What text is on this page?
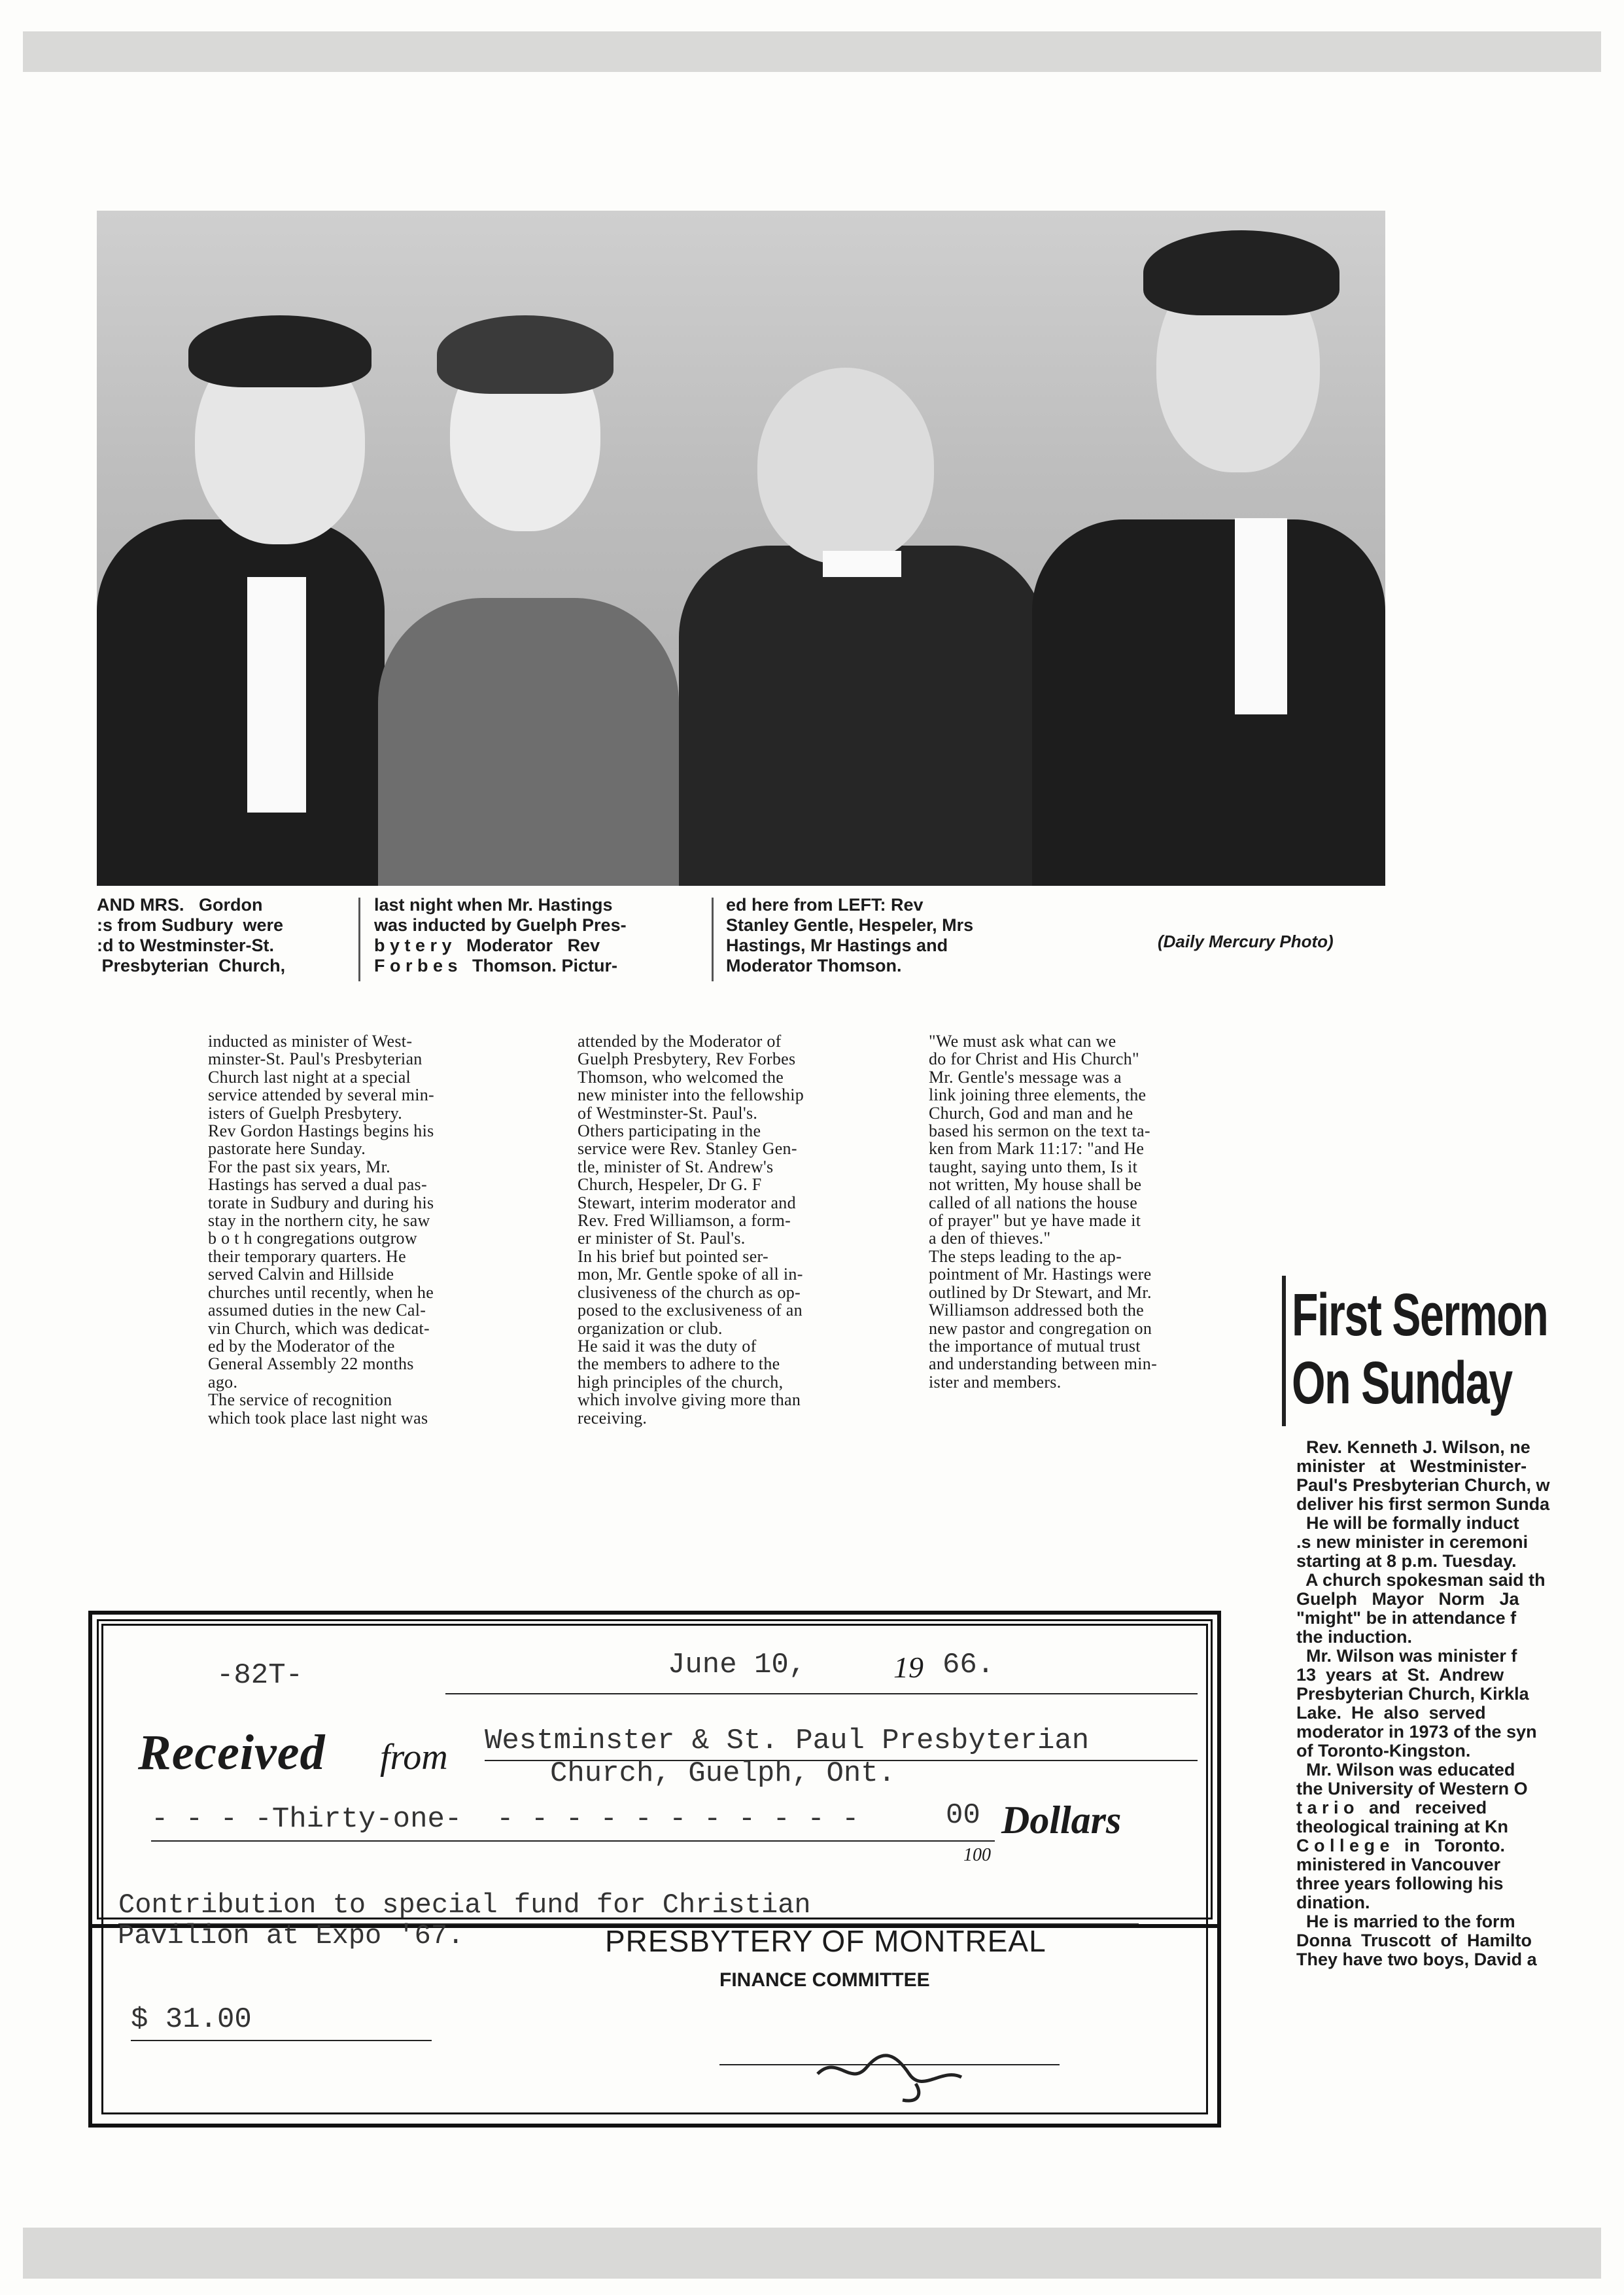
AND MRS.   Gordon
:s from Sudbury  were
:d to Westminster-St.
Presbyterian  Church,
last night when Mr. Hastings
was inducted by Guelph Pres-
b y t e r y   Moderator   Rev
F o r b e s   Thomson. Pictur-
ed here from LEFT: Rev
Stanley Gentle, Hespeler, Mrs
Hastings, Mr Hastings and
Moderator Thomson.
(Daily Mercury Photo)
inducted as minister of West-
minster-St. Paul's Presbyterian
Church last night at a special
service attended by several min-
isters of Guelph Presbytery.
Rev Gordon Hastings begins his
pastorate here Sunday.
For the past six years, Mr.
Hastings has served a dual pas-
torate in Sudbury and during his
stay in the northern city, he saw
b o t h congregations outgrow
their temporary quarters. He
served Calvin and Hillside
churches until recently, when he
assumed duties in the new Cal-
vin Church, which was dedicat-
ed by the Moderator of the
General Assembly 22 months
ago.
The service of recognition
which took place last night was
attended by the Moderator of
Guelph Presbytery, Rev Forbes
Thomson, who welcomed the
new minister into the fellowship
of Westminster-St. Paul's.
Others participating in the
service were Rev. Stanley Gen-
tle, minister of St. Andrew's
Church, Hespeler, Dr G. F
Stewart, interim moderator and
Rev. Fred Williamson, a form-
er minister of St. Paul's.
In his brief but pointed ser-
mon, Mr. Gentle spoke of all in-
clusiveness of the church as op-
posed to the exclusiveness of an
organization or club.
He said it was the duty of
the members to adhere to the
high principles of the church,
which involve giving more than
receiving.
"We must ask what can we
do for Christ and His Church"
Mr. Gentle's message was a
link joining three elements, the
Church, God and man and he
based his sermon on the text ta-
ken from Mark 11:17: "and He
taught, saying unto them, Is it
not written, My house shall be
called of all nations the house
of prayer" but ye have made it
a den of thieves."
The steps leading to the ap-
pointment of Mr. Hastings were
outlined by Dr Stewart, and Mr.
Williamson addressed both the
new pastor and congregation on
the importance of mutual trust
and understanding between min-
ister and members.
First Sermon
On Sunday
Rev. Kenneth J. Wilson, ne
minister   at   Westminister-
Paul's Presbyterian Church, w
deliver his first sermon Sunda
He will be formally induct
.s new minister in ceremoni
starting at 8 p.m. Tuesday.
A church spokesman said th
Guelph   Mayor   Norm   Ja
"might" be in attendance f
the induction.
Mr. Wilson was minister f
13  years  at  St.  Andrew
Presbyterian Church, Kirkla
Lake.  He  also  served
moderator in 1973 of the syn
of Toronto-Kingston.
Mr. Wilson was educated
the University of Western O
t a r i o   and   received
theological training at Kn
C o l l e g e   in   Toronto.
ministered in Vancouver
three years following his
dination.
He is married to the form
Donna  Truscott  of  Hamilto
They have two boys, David a
-82T-	June 10,	19 66.
Received from Westminster & St. Paul Presbyterian
Church, Guelph, Ont.
- - - -Thirty-one-  - - - - - - - - - - -	00 Dollars
100
Contribution to special fund for Christian
Pavilion at Expo '67.	PRESBYTERY OF MONTREAL
FINANCE COMMITTEE
$ 31.00
